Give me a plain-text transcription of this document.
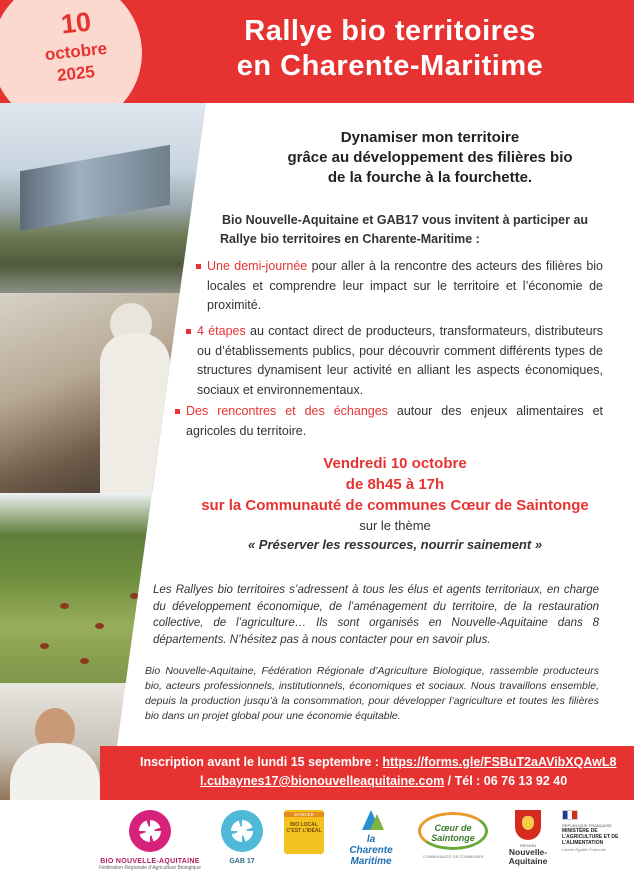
Rallye bio territoires
en Charente-Maritime
10
octobre
2025
Dynamiser mon territoire
grâce au développement des filières bio
de la fourche à la fourchette.
Bio Nouvelle-Aquitaine et GAB17 vous invitent à participer au
Rallye bio territoires en Charente-Maritime :
Une demi-journée pour aller à la rencontre des acteurs des filières bio locales et comprendre leur impact sur le territoire et l’économie de proximité.
4 étapes au contact direct de producteurs, transformateurs, distributeurs ou d’établissements publics, pour découvrir comment différents types de structures dynamisent leur activité en alliant les aspects économiques, sociaux et environnementaux.
Des rencontres et des échanges autour des enjeux alimentaires et agricoles du territoire.
Vendredi 10 octobre
de 8h45 à 17h
sur la Communauté de communes Cœur de Saintonge
sur le thème
« Préserver les ressources, nourrir sainement »
Les Rallyes bio territoires s’adressent à tous les élus et agents territoriaux, en charge du développement économique, de l’aménagement du territoire, de la restauration collective, de l’agriculture… Ils sont organisés en Nouvelle-Aquitaine dans 8 départements. N’hésitez pas à nous contacter pour en savoir plus.
Bio Nouvelle-Aquitaine, Fédération Régionale d’Agriculture Biologique, rassemble producteurs bio, acteurs professionnels, institutionnels, économiques et sociaux. Nous travaillons ensemble, depuis la production jusqu’à la consommation, pour développer l’agriculture et toutes les filières bio dans un projet global pour une économie équitable.
Inscription avant le lundi 15 septembre : https://forms.gle/FSBuT2aAVibXQAwL8
l.cubaynes17@bionouvelleaquitaine.com / Tél : 06 76 13 92 40
BIO NOUVELLE-AQUITAINE
Fédération Régionale d’Agriculture Biologique
GAB 17
MANGER
BIO LOCAL C’EST L’IDÉAL
la Charente Maritime
Cœur de Saintonge
COMMUNAUTÉ DE COMMUNES
RÉGION
Nouvelle-Aquitaine
RÉPUBLIQUE FRANÇAISE
MINISTÈRE DE L’AGRICULTURE ET DE L’ALIMENTATION
Liberté Égalité Fraternité
